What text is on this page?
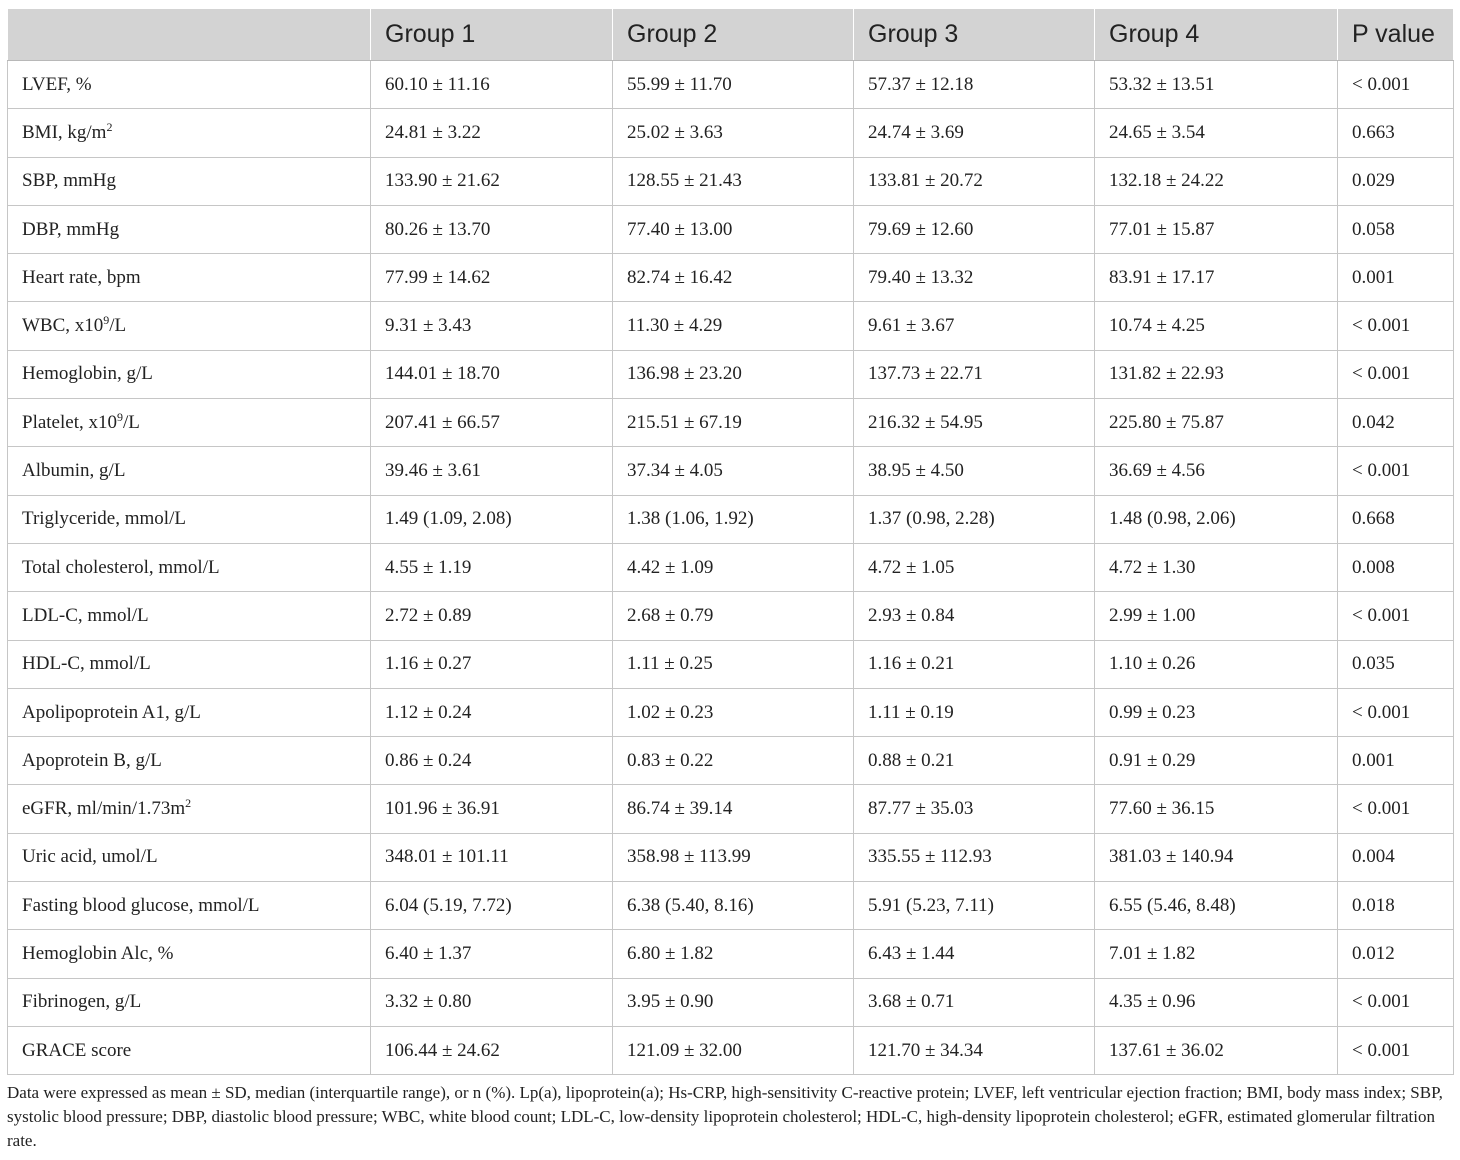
	Group 1	Group 2	Group 3	Group 4	P value
LVEF, %	60.10 ± 11.16	55.99 ± 11.70	57.37 ± 12.18	53.32 ± 13.51	< 0.001
BMI, $kg/m^2$	24.81 ± 3.22	25.02 ± 3.63	24.74 ± 3.69	24.65 ± 3.54	0.663
SBP, mmHg	133.90 ± 21.62	128.55 ± 21.43	133.81 ± 20.72	132.18 ± 24.22	0.029
DBP, mmHg	80.26 ± 13.70	77.40 ± 13.00	79.69 ± 12.60	77.01 ± 15.87	0.058
Heart rate, bpm	77.99 ± 14.62	82.74 ± 16.42	79.40 ± 13.32	83.91 ± 17.17	0.001
WBC, $x10^9/L$	9.31 ± 3.43	11.30 ± 4.29	9.61 ± 3.67	10.74 ± 4.25	< 0.001
Hemoglobin, g/L	144.01 ± 18.70	136.98 ± 23.20	137.73 ± 22.71	131.82 ± 22.93	< 0.001
Platelet, $x10^9/L$	207.41 ± 66.57	215.51 ± 67.19	216.32 ± 54.95	225.80 ± 75.87	0.042
Albumin, g/L	39.46 ± 3.61	37.34 ± 4.05	38.95 ± 4.50	36.69 ± 4.56	< 0.001
Triglyceride, mmol/L	1.49 (1.09, 2.08)	1.38 (1.06, 1.92)	1.37 (0.98, 2.28)	1.48 (0.98, 2.06)	0.668
Total cholesterol, mmol/L	4.55 ± 1.19	4.42 ± 1.09	4.72 ± 1.05	4.72 ± 1.30	0.008
LDL-C, mmol/L	2.72 ± 0.89	2.68 ± 0.79	2.93 ± 0.84	2.99 ± 1.00	< 0.001
HDL-C, mmol/L	1.16 ± 0.27	1.11 ± 0.25	1.16 ± 0.21	1.10 ± 0.26	0.035
Apolipoprotein A1, g/L	1.12 ± 0.24	1.02 ± 0.23	1.11 ± 0.19	0.99 ± 0.23	< 0.001
Apoprotein B, g/L	0.86 ± 0.24	0.83 ± 0.22	0.88 ± 0.21	0.91 ± 0.29	0.001
eGFR, $ml/\min/1.73m^2$	101.96 ± 36.91	86.74 ± 39.14	87.77 ± 35.03	77.60 ± 36.15	< 0.001
Uric acid, umol/L	348.01 ± 101.11	358.98 ± 113.99	335.55 ± 112.93	381.03 ± 140.94	0.004
Fasting blood glucose, mmol/L	6.04 (5.19, 7.72)	6.38 (5.40, 8.16)	5.91 (5.23, 7.11)	6.55 (5.46, 8.48)	0.018
Hemoglobin Alc, %	6.40 ± 1.37	6.80 ± 1.82	6.43 ± 1.44	7.01 ± 1.82	0.012
Fibrinogen, g/L	3.32 ± 0.80	3.95 ± 0.90	3.68 ± 0.71	4.35 ± 0.96	< 0.001
GRACE score	106.44 ± 24.62	121.09 ± 32.00	121.70 ± 34.34	137.61 ± 36.02	< 0.001
Data were expressed as mean ± SD, median (interquartile range), or n (%). Lp(a), lipoprotein(a); Hs-CRP, high-sensitivity C-reactive protein; LVEF, left ventricular ejection fraction; BMI, body mass index; SBP, systolic blood pressure; DBP, diastolic blood pressure; WBC, white blood count; LDL-C, low-density lipoprotein cholesterol; HDL-C, high-density lipoprotein cholesterol; eGFR, estimated glomerular filtration rate.
